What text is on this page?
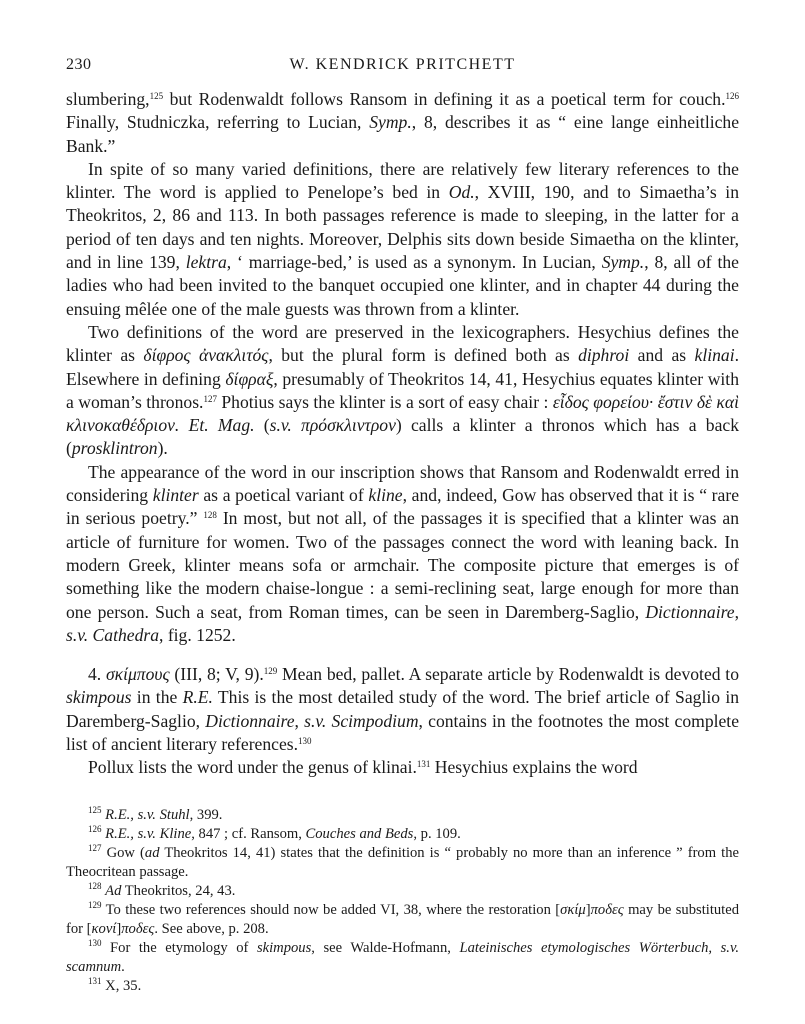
230	W. KENDRICK PRITCHETT

slumbering,$^{125}$ but Rodenwaldt follows Ransom in defining it as a poetical term for couch.$^{126}$ Finally, Studniczka, referring to Lucian, Symp., 8, describes it as “ eine lange einheitliche Bank.”

In spite of so many varied definitions, there are relatively few literary references to the klinter. The word is applied to Penelope’s bed in Od., XVIII, 190, and to Simaetha’s in Theokritos, 2, 86 and 113. In both passages reference is made to sleeping, in the latter for a period of ten days and ten nights. Moreover, Delphis sits down beside Simaetha on the klinter, and in line 139, lektra, ‘ marriage-bed,’ is used as a synonym. In Lucian, Symp., 8, all of the ladies who had been invited to the banquet occupied one klinter, and in chapter 44 during the ensuing mêlée one of the male guests was thrown from a klinter.

Two definitions of the word are preserved in the lexicographers. Hesychius defines the klinter as δίφρος ἀνακλιτός, but the plural form is defined both as diphroi and as klinai. Elsewhere in defining δίφραξ, presumably of Theokritos 14, 41, Hesychius equates klinter with a woman’s thronos.$^{127}$ Photius says the klinter is a sort of easy chair : εἶδος φορείου· ἔστιν δὲ καὶ κλινοκαθέδριον. Et. Mag. (s.v. πρόσκλιντρον) calls a klinter a thronos which has a back (prosklintron).

The appearance of the word in our inscription shows that Ransom and Rodenwaldt erred in considering klinter as a poetical variant of kline, and, indeed, Gow has observed that it is “ rare in serious poetry.” $^{128}$ In most, but not all, of the passages it is specified that a klinter was an article of furniture for women. Two of the passages connect the word with leaning back. In modern Greek, klinter means sofa or armchair. The composite picture that emerges is of something like the modern chaise-longue : a semi-reclining seat, large enough for more than one person. Such a seat, from Roman times, can be seen in Daremberg-Saglio, Dictionnaire, s.v. Cathedra, fig. 1252.

4. σκίμπους (III, 8; V, 9).$^{129}$ Mean bed, pallet. A separate article by Rodenwaldt is devoted to skimpous in the R.E. This is the most detailed study of the word. The brief article of Saglio in Daremberg-Saglio, Dictionnaire, s.v. Scimpodium, contains in the footnotes the most complete list of ancient literary references.$^{130}$

Pollux lists the word under the genus of klinai.$^{131}$ Hesychius explains the word

$^{125}$ R.E., s.v. Stuhl, 399.

$^{126}$ R.E., s.v. Kline, 847 ; cf. Ransom, Couches and Beds, p. 109.

$^{127}$ Gow (ad Theokritos 14, 41) states that the definition is “ probably no more than an inference ” from the Theocritean passage.

$^{128}$ Ad Theokritos, 24, 43.

$^{129}$ To these two references should now be added VI, 38, where the restoration [σκίμ]ποδες may be substituted for [κονί]ποδες. See above, p. 208.

$^{130}$ For the etymology of skimpous, see Walde-Hofmann, Lateinisches etymologisches Wörterbuch, s.v. scamnum.

$^{131}$ X, 35.
